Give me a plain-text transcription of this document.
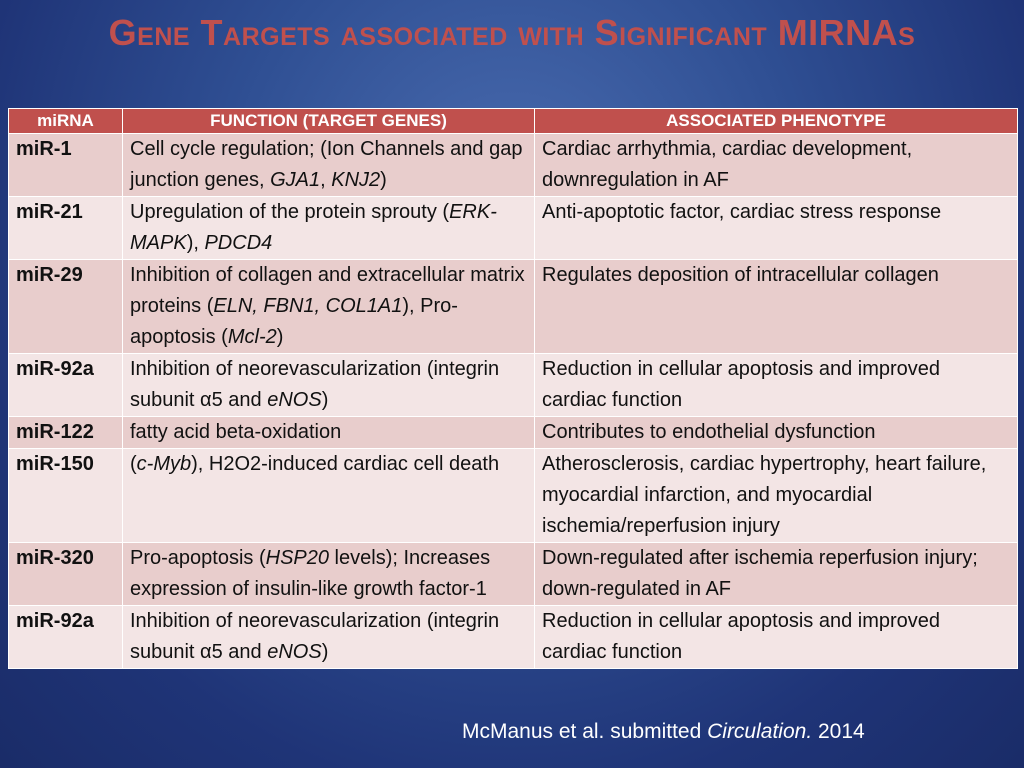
Gene Targets associated with Significant MIRNAs
miRNA	FUNCTION (TARGET GENES)	ASSOCIATED PHENOTYPE
miR-1	Cell cycle regulation; (Ion Channels and gap junction genes, GJA1, KNJ2)	Cardiac arrhythmia, cardiac development, downregulation in AF
miR-21	Upregulation of the protein sprouty (ERK-MAPK), PDCD4	Anti-apoptotic factor, cardiac stress response
miR-29	Inhibition of collagen and extracellular matrix proteins (ELN, FBN1, COL1A1), Pro-apoptosis (Mcl-2)	Regulates deposition of intracellular collagen
miR-92a	Inhibition of neorevascularization (integrin subunit α5 and eNOS)	Reduction in cellular apoptosis and improved cardiac function
miR-122	fatty acid beta-oxidation	Contributes to endothelial dysfunction
miR-150	(c-Myb), H2O2-induced cardiac cell death	Atherosclerosis, cardiac hypertrophy, heart failure, myocardial infarction, and myocardial ischemia/reperfusion injury
miR-320	Pro-apoptosis (HSP20 levels); Increases expression of insulin-like growth factor-1	Down-regulated after ischemia reperfusion injury; down-regulated in AF
miR-92a	Inhibition of neorevascularization (integrin subunit α5 and eNOS)	Reduction in cellular apoptosis and improved cardiac function
McManus et al. submitted Circulation. 2014
